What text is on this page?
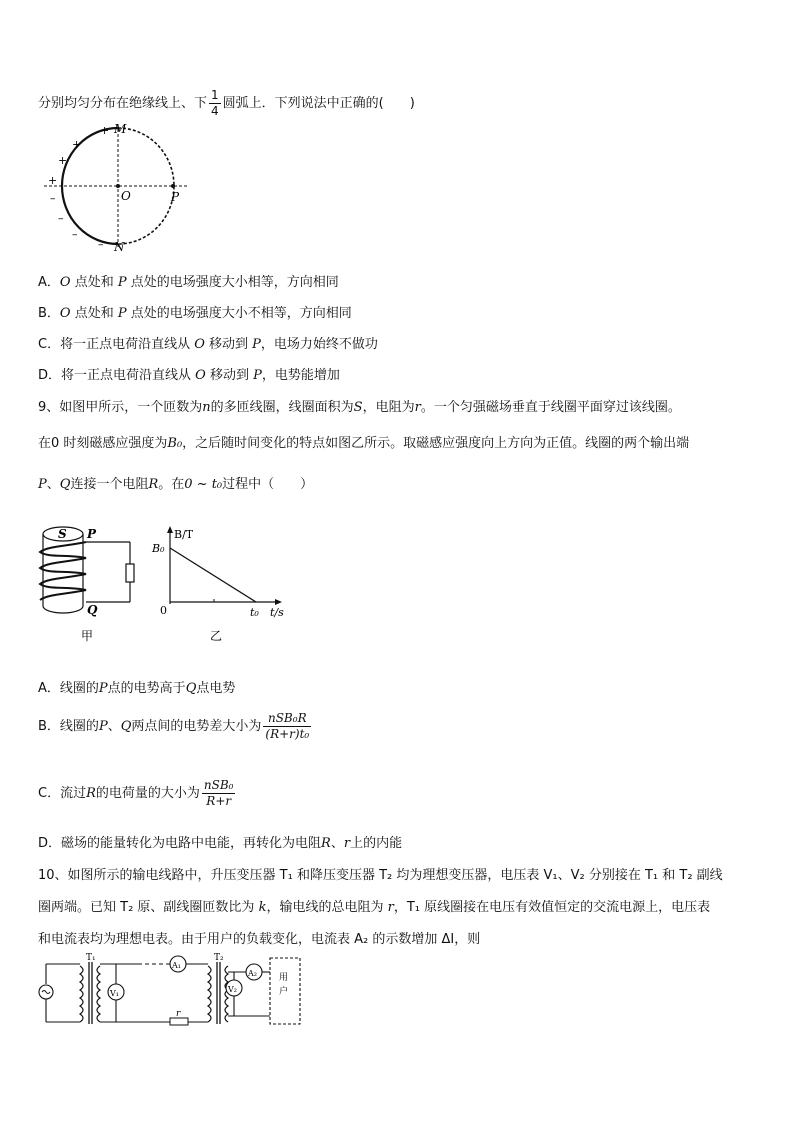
分别均匀分布在绝缘线上、下 $\frac{1}{4}$ 圆弧上．下列说法中正确的(　　)
M
N
O	P
+
+
+
+
–
–
–
–
A．O 点处和 P 点处的电场强度大小相等，方向相同
B．O 点处和 P 点处的电场强度大小不相等，方向相同
C．将一正点电荷沿直线从 O 移动到 P，电场力始终不做功
D．将一正点电荷沿直线从 O 移动到 P，电势能增加
9、如图甲所示，一个匝数为n的多匝线圈，线圈面积为S，电阻为r。一个匀强磁场垂直于线圈平面穿过该线圈。
在0 时刻磁感应强度为B₀，之后随时间变化的特点如图乙所示。取磁感应强度向上方向为正值。线圈的两个输出端
P、Q连接一个电阻R。在0 ~ t₀过程中（　　）
S P
Q
甲
B/T
B₀
0	t₀ t/s
乙
A．线圈的P点的电势高于Q点电势
B．线圈的P、Q两点间的电势差大小为 $\frac{\text{nSB₀R}}{\text{(R+r)t₀}}$
C．流过R的电荷量的大小为 $\frac{\text{nSB₀}}{R+r}$
D．磁场的能量转化为电路中电能，再转化为电阻R、r上的内能
10、如图所示的输电线路中，升压变压器 T₁ 和降压变压器 T₂ 均为理想变压器，电压表 V₁、V₂ 分别接在 T₁ 和 T₂ 副线
圈两端。已知 T₂ 原、副线圈匝数比为 k，输电线的总电阻为 r，T₁ 原线圈接在电压有效值恒定的交流电源上，电压表
和电流表均为理想电表。由于用户的负载变化，电流表 A₂ 的示数增加 ΔI，则
T₁
V₁
A₁
r
T₂
V₂
A₂ 用
户
